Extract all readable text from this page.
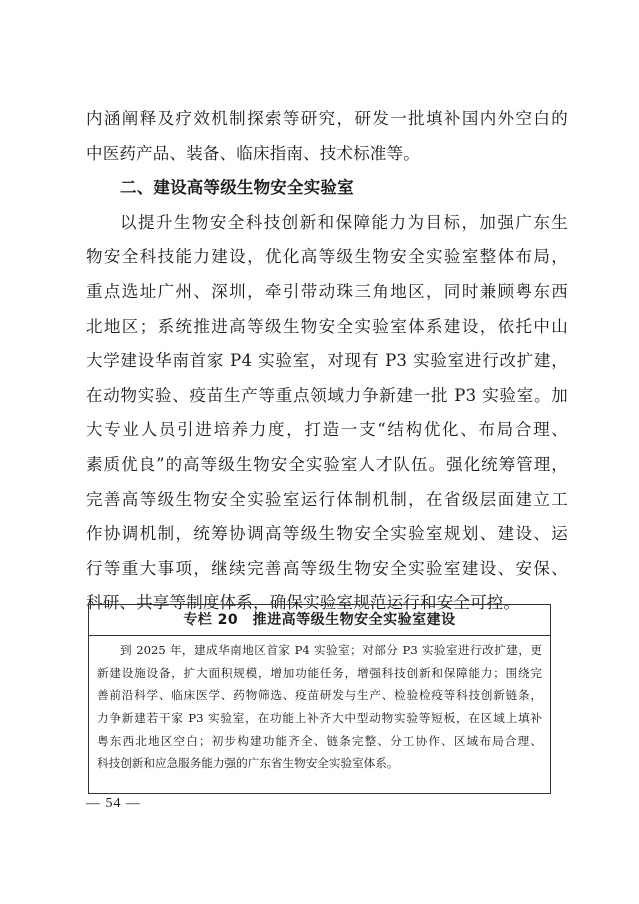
内涵阐释及疗效机制探索等研究，研发一批填补国内外空白的
中医药产品、装备、临床指南、技术标准等。
二、建设高等级生物安全实验室
以提升生物安全科技创新和保障能力为目标，加强广东生
物安全科技能力建设，优化高等级生物安全实验室整体布局，
重点选址广州、深圳，牵引带动珠三角地区，同时兼顾粤东西
北地区；系统推进高等级生物安全实验室体系建设，依托中山
大学建设华南首家 P4 实验室，对现有 P3 实验室进行改扩建，
在动物实验、疫苗生产等重点领域力争新建一批 P3 实验室。加
大专业人员引进培养力度，打造一支“结构优化、布局合理、
素质优良”的高等级生物安全实验室人才队伍。强化统筹管理，
完善高等级生物安全实验室运行体制机制，在省级层面建立工
作协调机制，统筹协调高等级生物安全实验室规划、建设、运
行等重大事项，继续完善高等级生物安全实验室建设、安保、
科研、共享等制度体系，确保实验室规范运行和安全可控。
专栏 20　推进高等级生物安全实验室建设
到 2025 年，建成华南地区首家 P4 实验室；对部分 P3 实验室进行改扩建，更
新建设施设备，扩大面积规模，增加功能任务，增强科技创新和保障能力；围绕完
善前沿科学、临床医学、药物筛选、疫苗研发与生产、检验检疫等科技创新链条，
力争新建若干家 P3 实验室，在功能上补齐大中型动物实验等短板，在区域上填补
粤东西北地区空白；初步构建功能齐全、链条完整、分工协作、区域布局合理、
科技创新和应急服务能力强的广东省生物安全实验室体系。
— 54 —
